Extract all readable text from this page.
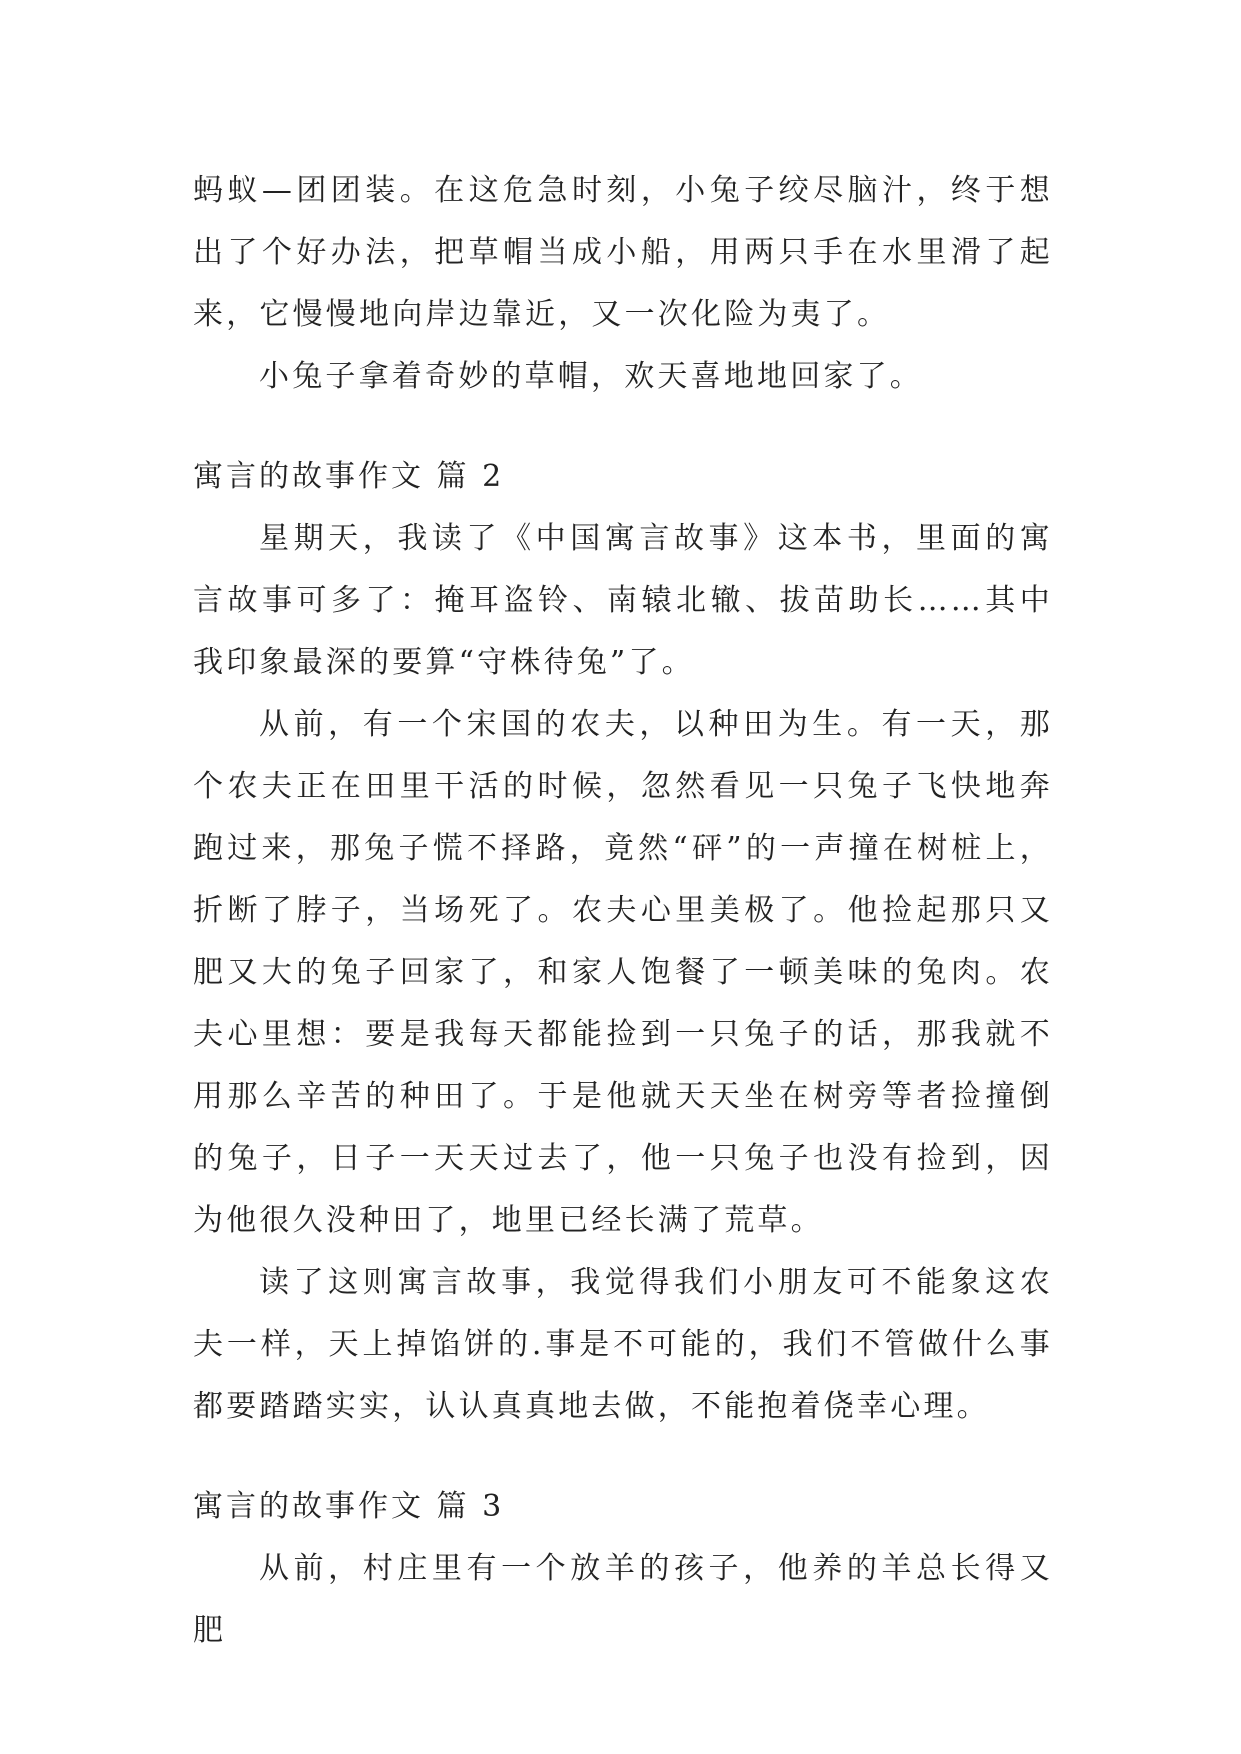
蚂蚁—团团装。在这危急时刻，小兔子绞尽脑汁，终于想出了个好办法，把草帽当成小船，用两只手在水里滑了起来，它慢慢地向岸边靠近，又一次化险为夷了。

小兔子拿着奇妙的草帽，欢天喜地地回家了。

寓言的故事作文 篇 2

星期天，我读了《中国寓言故事》这本书，里面的寓言故事可多了：掩耳盗铃、南辕北辙、拔苗助长……其中我印象最深的要算“守株待兔”了。

从前，有一个宋国的农夫，以种田为生。有一天，那个农夫正在田里干活的时候，忽然看见一只兔子飞快地奔跑过来，那兔子慌不择路，竟然“砰”的一声撞在树桩上，折断了脖子，当场死了。农夫心里美极了。他捡起那只又肥又大的兔子回家了，和家人饱餐了一顿美味的兔肉。农夫心里想：要是我每天都能捡到一只兔子的话，那我就不用那么辛苦的种田了。于是他就天天坐在树旁等者捡撞倒的兔子，日子一天天过去了，他一只兔子也没有捡到，因为他很久没种田了，地里已经长满了荒草。

读了这则寓言故事，我觉得我们小朋友可不能象这农夫一样，天上掉馅饼的.事是不可能的，我们不管做什么事都要踏踏实实，认认真真地去做，不能抱着侥幸心理。

寓言的故事作文 篇 3

从前，村庄里有一个放羊的孩子，他养的羊总长得又肥
